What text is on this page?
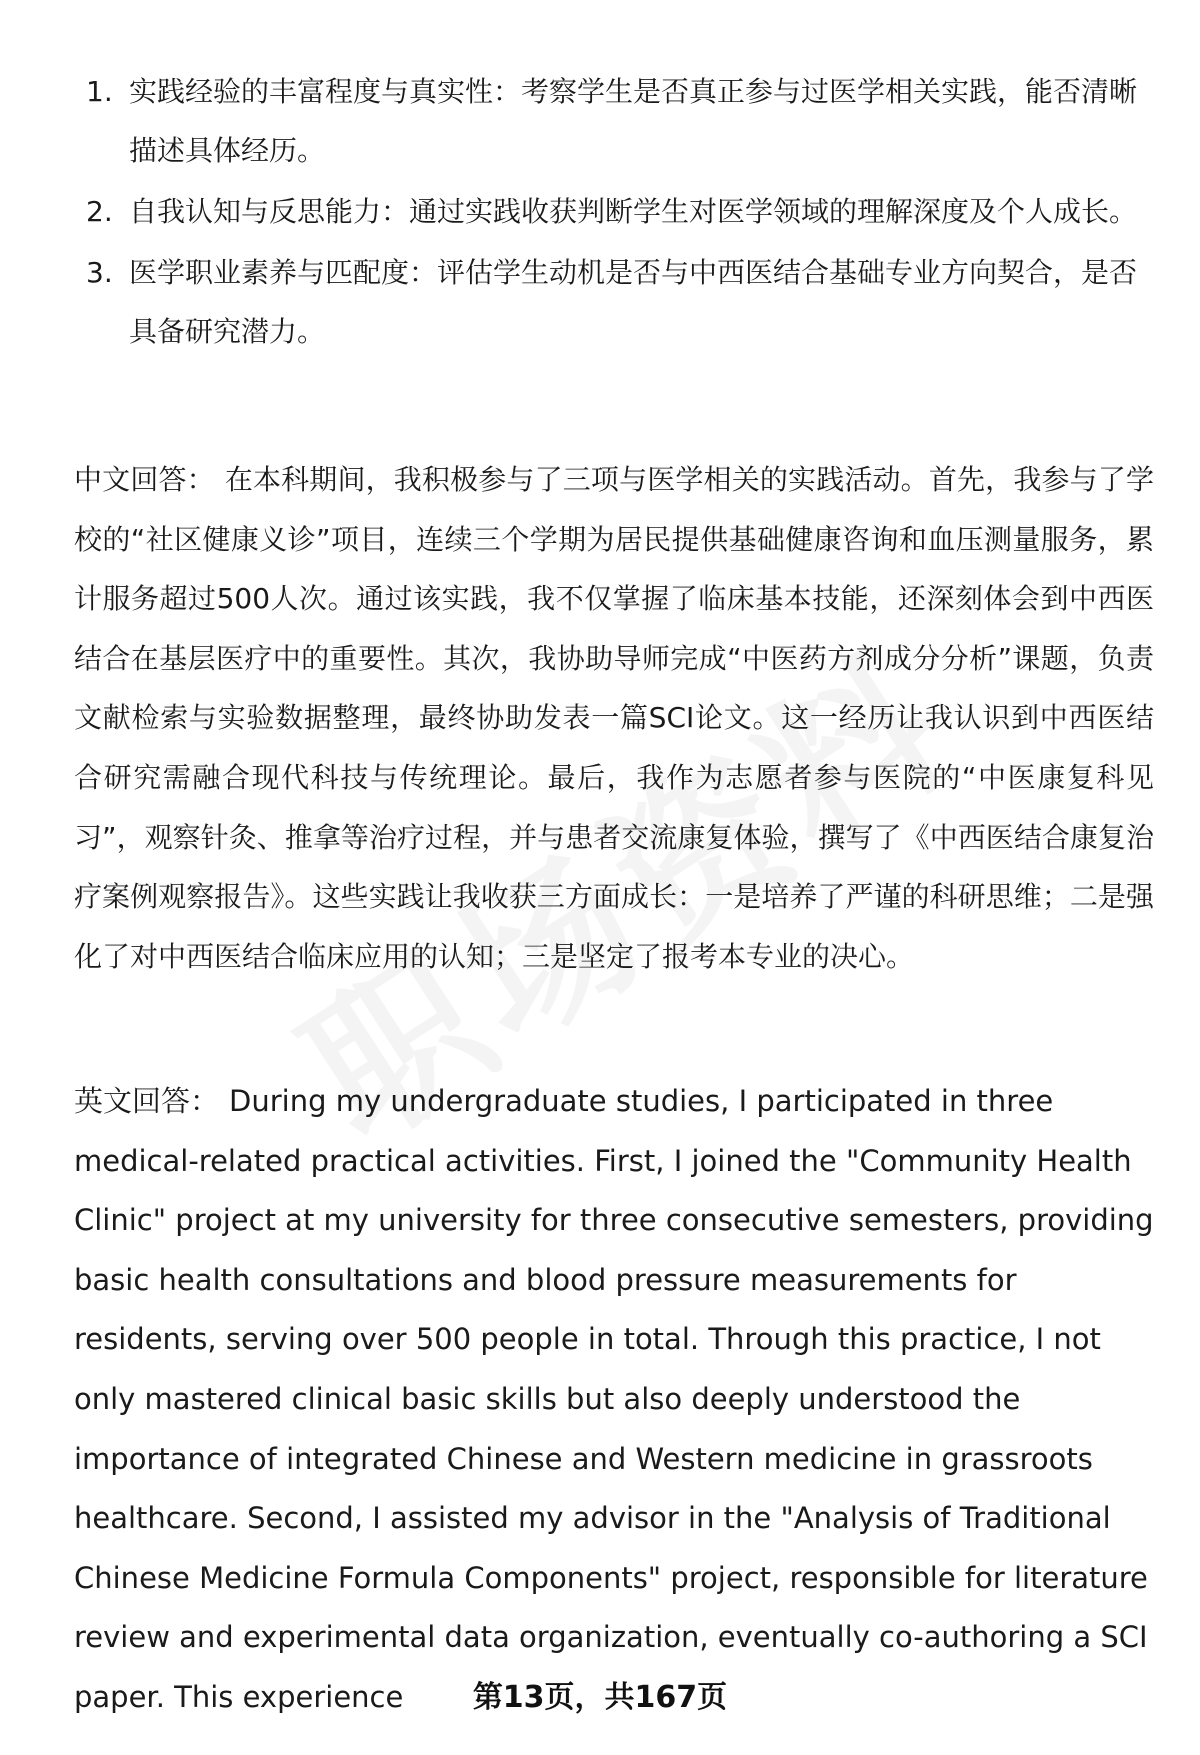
1. 实践经验的丰富程度与真实性：考察学生是否真正参与过医学相关实践，能否清晰描述具体经历。
2. 自我认知与反思能力：通过实践收获判断学生对医学领域的理解深度及个人成长。
3. 医学职业素养与匹配度：评估学生动机是否与中西医结合基础专业方向契合，是否具备研究潜力。

中文回答： 在本科期间，我积极参与了三项与医学相关的实践活动。首先，我参与了学校的“社区健康义诊”项目，连续三个学期为居民提供基础健康咨询和血压测量服务，累计服务超过500人次。通过该实践，我不仅掌握了临床基本技能，还深刻体会到中西医结合在基层医疗中的重要性。其次，我协助导师完成“中医药方剂成分分析”课题，负责文献检索与实验数据整理，最终协助发表一篇SCI论文。这一经历让我认识到中西医结合研究需融合现代科技与传统理论。最后，我作为志愿者参与医院的“中医康复科见习”，观察针灸、推拿等治疗过程，并与患者交流康复体验，撰写了《中西医结合康复治疗案例观察报告》。这些实践让我收获三方面成长：一是培养了严谨的科研思维；二是强化了对中西医结合临床应用的认知；三是坚定了报考本专业的决心。

英文回答： During my undergraduate studies, I participated in three medical-related practical activities. First, I joined the "Community Health Clinic" project at my university for three consecutive semesters, providing basic health consultations and blood pressure measurements for residents, serving over 500 people in total. Through this practice, I not only mastered clinical basic skills but also deeply understood the importance of integrated Chinese and Western medicine in grassroots healthcare. Second, I assisted my advisor in the "Analysis of Traditional Chinese Medicine Formula Components" project, responsible for literature review and experimental data organization, eventually co-authoring a SCI paper. This experience	第13页，共167页
